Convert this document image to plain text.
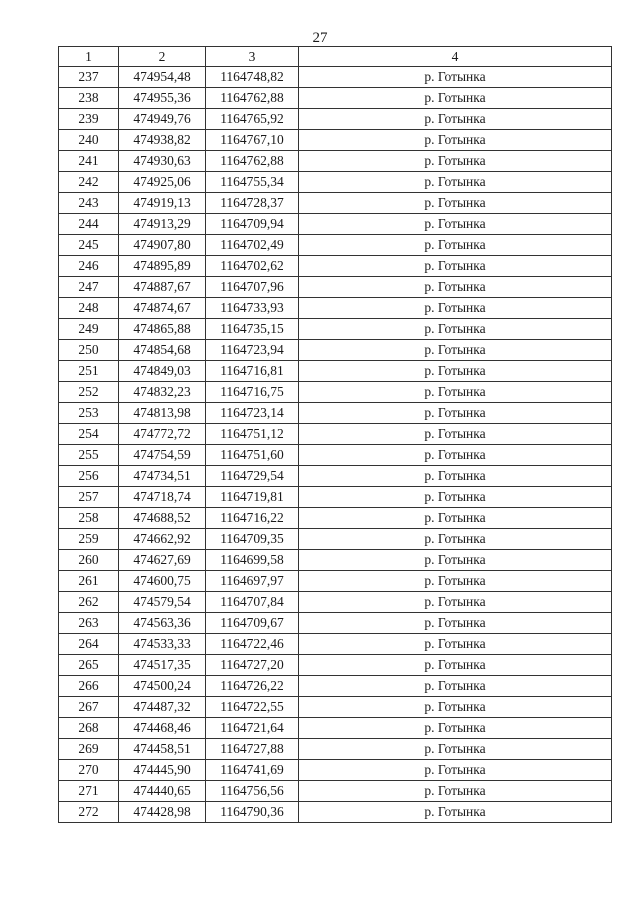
27
1	2	3	4
237	474954,48	1164748,82	р. Готынка
238	474955,36	1164762,88	р. Готынка
239	474949,76	1164765,92	р. Готынка
240	474938,82	1164767,10	р. Готынка
241	474930,63	1164762,88	р. Готынка
242	474925,06	1164755,34	р. Готынка
243	474919,13	1164728,37	р. Готынка
244	474913,29	1164709,94	р. Готынка
245	474907,80	1164702,49	р. Готынка
246	474895,89	1164702,62	р. Готынка
247	474887,67	1164707,96	р. Готынка
248	474874,67	1164733,93	р. Готынка
249	474865,88	1164735,15	р. Готынка
250	474854,68	1164723,94	р. Готынка
251	474849,03	1164716,81	р. Готынка
252	474832,23	1164716,75	р. Готынка
253	474813,98	1164723,14	р. Готынка
254	474772,72	1164751,12	р. Готынка
255	474754,59	1164751,60	р. Готынка
256	474734,51	1164729,54	р. Готынка
257	474718,74	1164719,81	р. Готынка
258	474688,52	1164716,22	р. Готынка
259	474662,92	1164709,35	р. Готынка
260	474627,69	1164699,58	р. Готынка
261	474600,75	1164697,97	р. Готынка
262	474579,54	1164707,84	р. Готынка
263	474563,36	1164709,67	р. Готынка
264	474533,33	1164722,46	р. Готынка
265	474517,35	1164727,20	р. Готынка
266	474500,24	1164726,22	р. Готынка
267	474487,32	1164722,55	р. Готынка
268	474468,46	1164721,64	р. Готынка
269	474458,51	1164727,88	р. Готынка
270	474445,90	1164741,69	р. Готынка
271	474440,65	1164756,56	р. Готынка
272	474428,98	1164790,36	р. Готынка
